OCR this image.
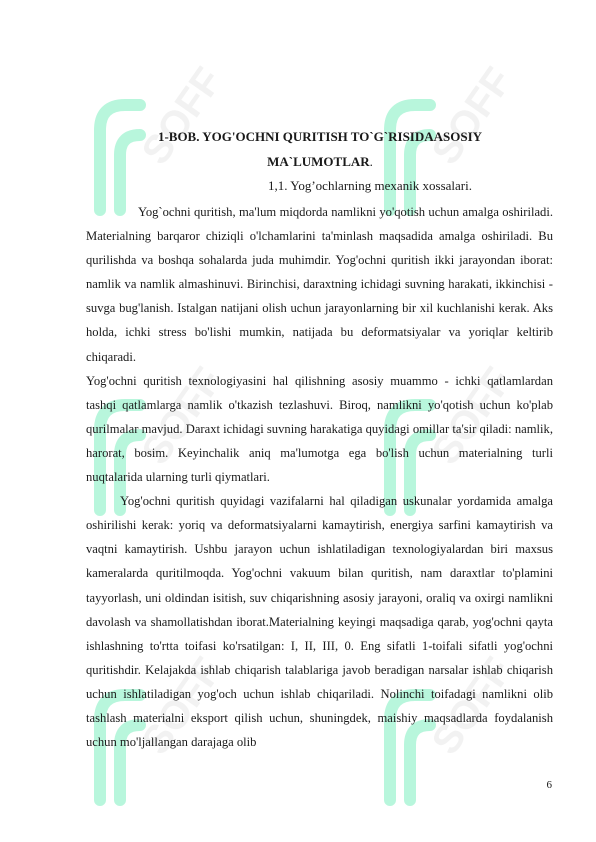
SOFF	SOFF
SOFF	SOFF
SOFF	SOFF
1-BOB. YOG'OCHNI QURITISH TO`G`RISIDAASOSIY
MA`LUMOTLAR.
1,1. Yog’ochlarning mexanik xossalari.

Yog`ochni quritish, ma'lum miqdorda namlikni yo'qotish uchun amalga oshiriladi. Materialning barqaror chiziqli o'lchamlarini ta'minlash maqsadida amalga oshiriladi. Bu qurilishda va boshqa sohalarda juda muhimdir. Yog'ochni quritish ikki jarayondan iborat: namlik va namlik almashinuvi. Birinchisi, daraxtning ichidagi suvning harakati, ikkinchisi - suvga bug'lanish. Istalgan natijani olish uchun jarayonlarning bir xil kuchlanishi kerak. Aks holda, ichki stress bo'lishi mumkin, natijada bu deformatsiyalar va yoriqlar keltirib chiqaradi.

Yog'ochni quritish texnologiyasini hal qilishning asosiy muammo - ichki qatlamlardan tashqi qatlamlarga namlik o'tkazish tezlashuvi. Biroq, namlikni yo'qotish uchun ko'plab qurilmalar mavjud. Daraxt ichidagi suvning harakatiga quyidagi omillar ta'sir qiladi: namlik, harorat, bosim. Keyinchalik aniq ma'lumotga ega bo'lish uchun materialning turli nuqtalarida ularning turli qiymatlari.

Yog'ochni quritish quyidagi vazifalarni hal qiladigan uskunalar yordamida amalga oshirilishi kerak: yoriq va deformatsiyalarni kamaytirish, energiya sarfini kamaytirish va vaqtni kamaytirish. Ushbu jarayon uchun ishlatiladigan texnologiyalardan biri maxsus kameralarda quritilmoqda. Yog'ochni vakuum bilan quritish, nam daraxtlar to'plamini tayyorlash, uni oldindan isitish, suv chiqarishning asosiy jarayoni, oraliq va oxirgi namlikni davolash va shamollatishdan iborat.Materialning keyingi maqsadiga qarab, yog'ochni qayta ishlashning to'rtta toifasi ko'rsatilgan: I, II, III, 0. Eng sifatli 1-toifali sifatli yog'ochni quritishdir. Kelajakda ishlab chiqarish talablariga javob beradigan narsalar ishlab chiqarish uchun ishlatiladigan yog'och uchun ishlab chiqariladi. Nolinchi toifadagi namlikni olib tashlash materialni eksport qilish uchun, shuningdek, maishiy maqsadlarda foydalanish uchun mo'ljallangan darajaga olib

6
